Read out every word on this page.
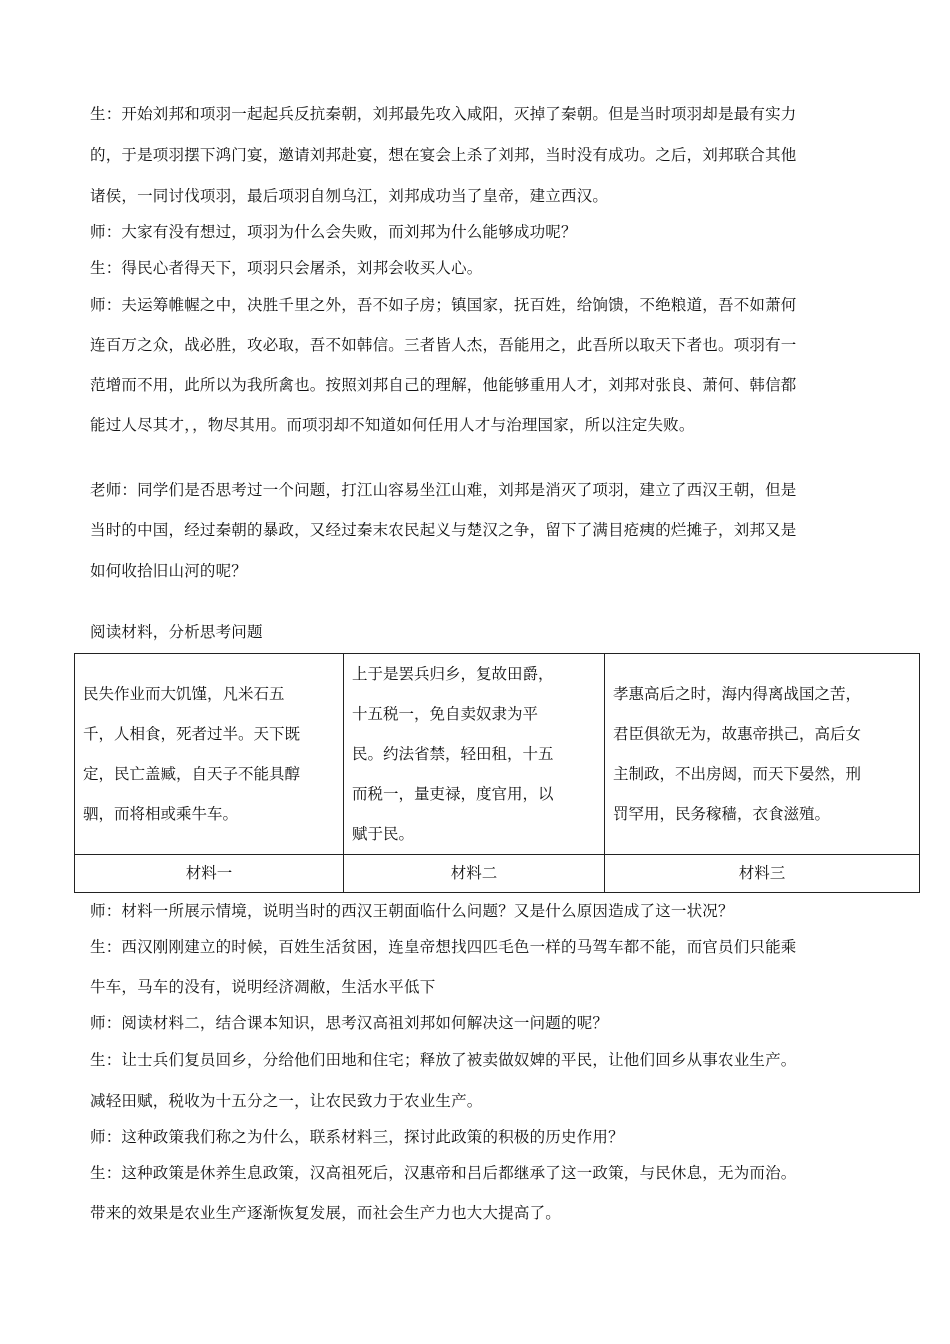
生：开始刘邦和项羽一起起兵反抗秦朝，刘邦最先攻入咸阳，灭掉了秦朝。但是当时项羽却是最有实力
的，于是项羽摆下鸿门宴，邀请刘邦赴宴，想在宴会上杀了刘邦，当时没有成功。之后，刘邦联合其他
诸侯，一同讨伐项羽，最后项羽自刎乌江，刘邦成功当了皇帝，建立西汉。
师：大家有没有想过，项羽为什么会失败，而刘邦为什么能够成功呢？
生：得民心者得天下，项羽只会屠杀，刘邦会收买人心。
师：夫运筹帷幄之中，决胜千里之外，吾不如子房；镇国家，抚百姓，给饷馈，不绝粮道，吾不如萧何
连百万之众，战必胜，攻必取，吾不如韩信。三者皆人杰，吾能用之，此吾所以取天下者也。项羽有一
范增而不用，此所以为我所禽也。按照刘邦自己的理解，他能够重用人才，刘邦对张良、萧何、韩信都
能过人尽其才，，物尽其用。而项羽却不知道如何任用人才与治理国家，所以注定失败。
老师：同学们是否思考过一个问题，打江山容易坐江山难，刘邦是消灭了项羽，建立了西汉王朝，但是
当时的中国，经过秦朝的暴政，又经过秦末农民起义与楚汉之争，留下了满目疮痍的烂摊子，刘邦又是
如何收拾旧山河的呢？
阅读材料，分析思考问题
民失作业而大饥馑，凡米石五
千，人相食，死者过半。天下既
定，民亡盖臧，自天子不能具醇
驷，而将相或乘牛车。	上于是罢兵归乡，复故田爵，
十五税一，免自卖奴隶为平
民。约法省禁，轻田租，十五
而税一，量吏禄，度官用，以
赋于民。	孝惠高后之时，海内得离战国之苦，
君臣俱欲无为，故惠帝拱己，高后女
主制政，不出房闼，而天下晏然，刑
罚罕用，民务稼穑，衣食滋殖。

材料一	材料二	材料三
师：材料一所展示情境，说明当时的西汉王朝面临什么问题？又是什么原因造成了这一状况？
生：西汉刚刚建立的时候，百姓生活贫困，连皇帝想找四匹毛色一样的马驾车都不能，而官员们只能乘
牛车，马车的没有，说明经济凋敝，生活水平低下
师：阅读材料二，结合课本知识，思考汉高祖刘邦如何解决这一问题的呢？
生：让士兵们复员回乡，分给他们田地和住宅；释放了被卖做奴婢的平民，让他们回乡从事农业生产。
减轻田赋，税收为十五分之一，让农民致力于农业生产。
师：这种政策我们称之为什么，联系材料三，探讨此政策的积极的历史作用？
生：这种政策是休养生息政策，汉高祖死后，汉惠帝和吕后都继承了这一政策，与民休息，无为而治。
带来的效果是农业生产逐渐恢复发展，而社会生产力也大大提高了。
